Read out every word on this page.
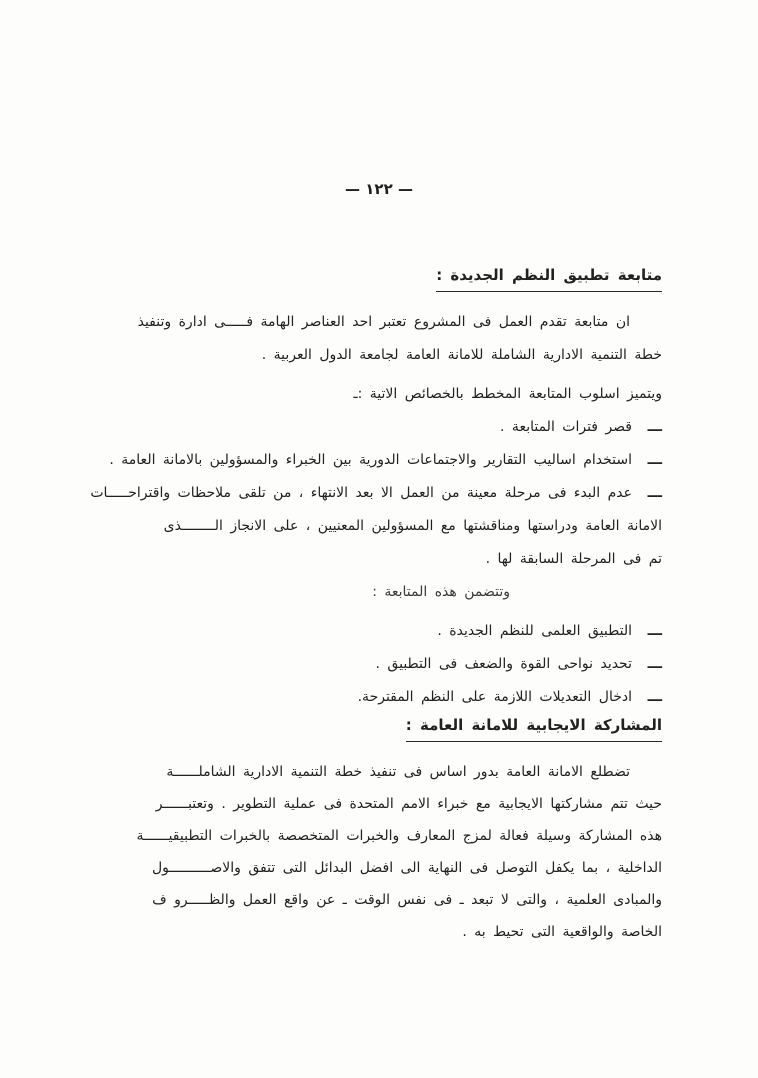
— ١٢٢ —
متابعة تطبيق النظم الجديدة :
ان متابعة تقدم العمل فى المشروع تعتبر احد العناصر الهامة فـــــى ادارة وتنفيذ
خطة التنمية الادارية الشاملة للامانة العامة لجامعة الدول العربية .
ويتميز اسلوب المتابعة المخطط بالخصائص الاتية :ـ
ـــ
قصر فترات المتابعة .
ـــ
استخدام اساليب التقارير والاجتماعات الدورية بين الخبراء والمسؤولين بالامانة العامة .
ـــ
عدم البدء فى مرحلة معينة من العمل الا بعد الانتهاء ، من تلقى ملاحظات واقتراحـــــات
الامانة العامة ودراستها ومناقشتها مع المسؤولين المعنيين ، على الانجاز الــــــــذى
تم فى المرحلة السابقة لها .
وتتضمن هذه المتابعة :
ـــ
التطبيق العلمى للنظم الجديدة .
ـــ
تحديد نواحى القوة والضعف فى التطبيق .
ـــ
ادخال التعديلات اللازمة على النظم المقترحة.
المشاركة الايجابية للامانة العامة :
تضطلع الامانة العامة بدور اساس فى تنفيذ خطة التنمية الادارية الشاملــــــة
حيث تتم مشاركتها الايجابية مع خبراء الامم المتحدة فى عملية التطوير . وتعتبــــــر
هذه المشاركة وسيلة فعالة لمزج المعارف والخبرات المتخصصة بالخبرات التطبيقيــــــة
الداخلية ، بما يكفل التوصل فى النهاية الى افضل البدائل التى تتفق والاصــــــــــول
والمبادى العلمية ، والتى لا تبعد ـ فى نفس الوقت ـ عن واقع العمل والظـــــرو ف
الخاصة والواقعية التى تحيط به .
